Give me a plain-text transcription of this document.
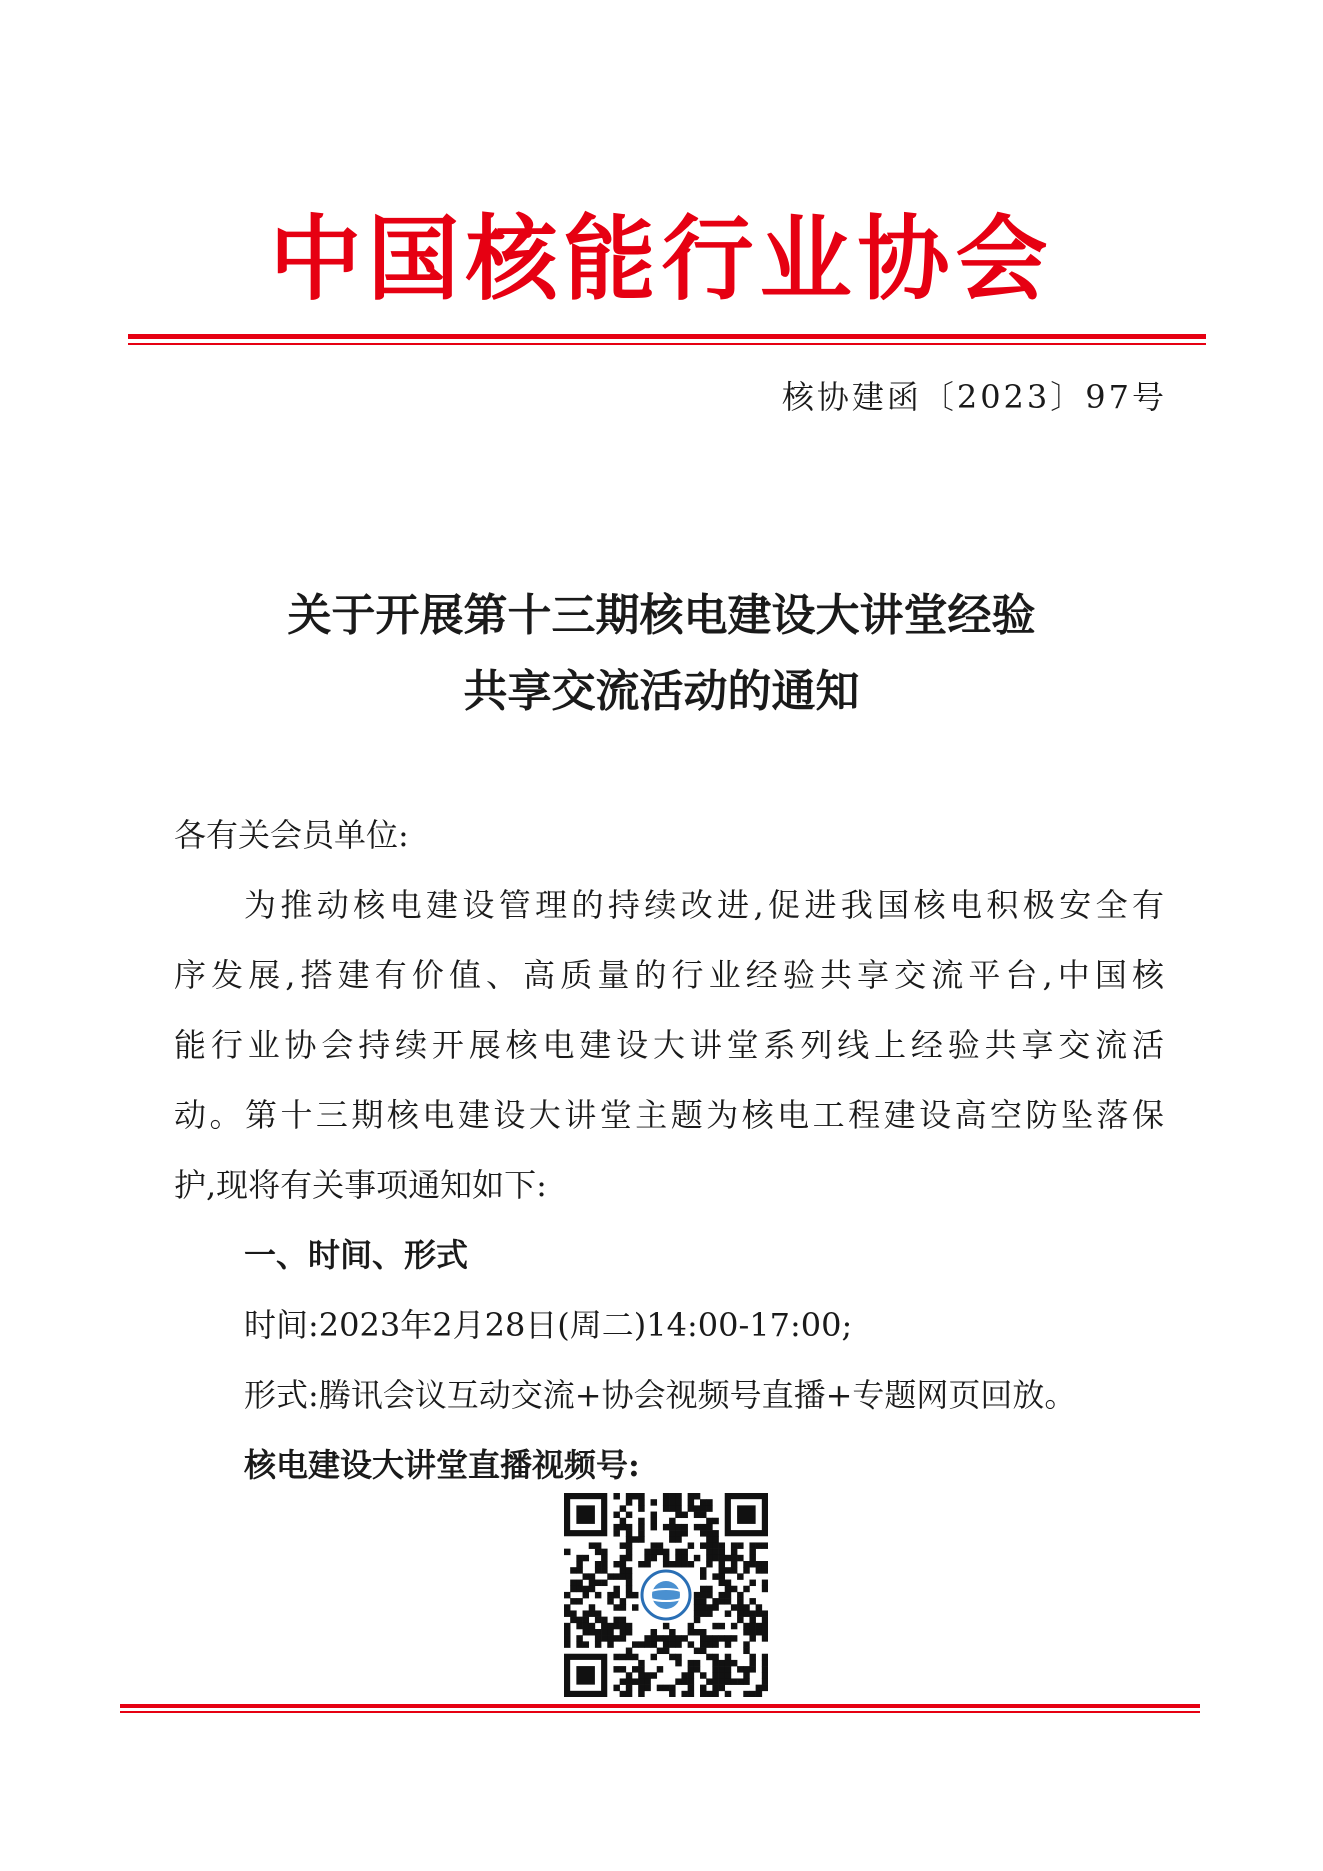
中国核能行业协会
核协建函〔2023〕97号
关于开展第十三期核电建设大讲堂经验
共享交流活动的通知
各有关会员单位:
为推动核电建设管理的持续改进,促进我国核电积极安全有
序发展,搭建有价值、高质量的行业经验共享交流平台,中国核
能行业协会持续开展核电建设大讲堂系列线上经验共享交流活
动。第十三期核电建设大讲堂主题为核电工程建设高空防坠落保
护,现将有关事项通知如下:
一、时间、形式
时间:2023年2月28日(周二)14:00-17:00;
形式:腾讯会议互动交流+协会视频号直播+专题网页回放。
核电建设大讲堂直播视频号:
